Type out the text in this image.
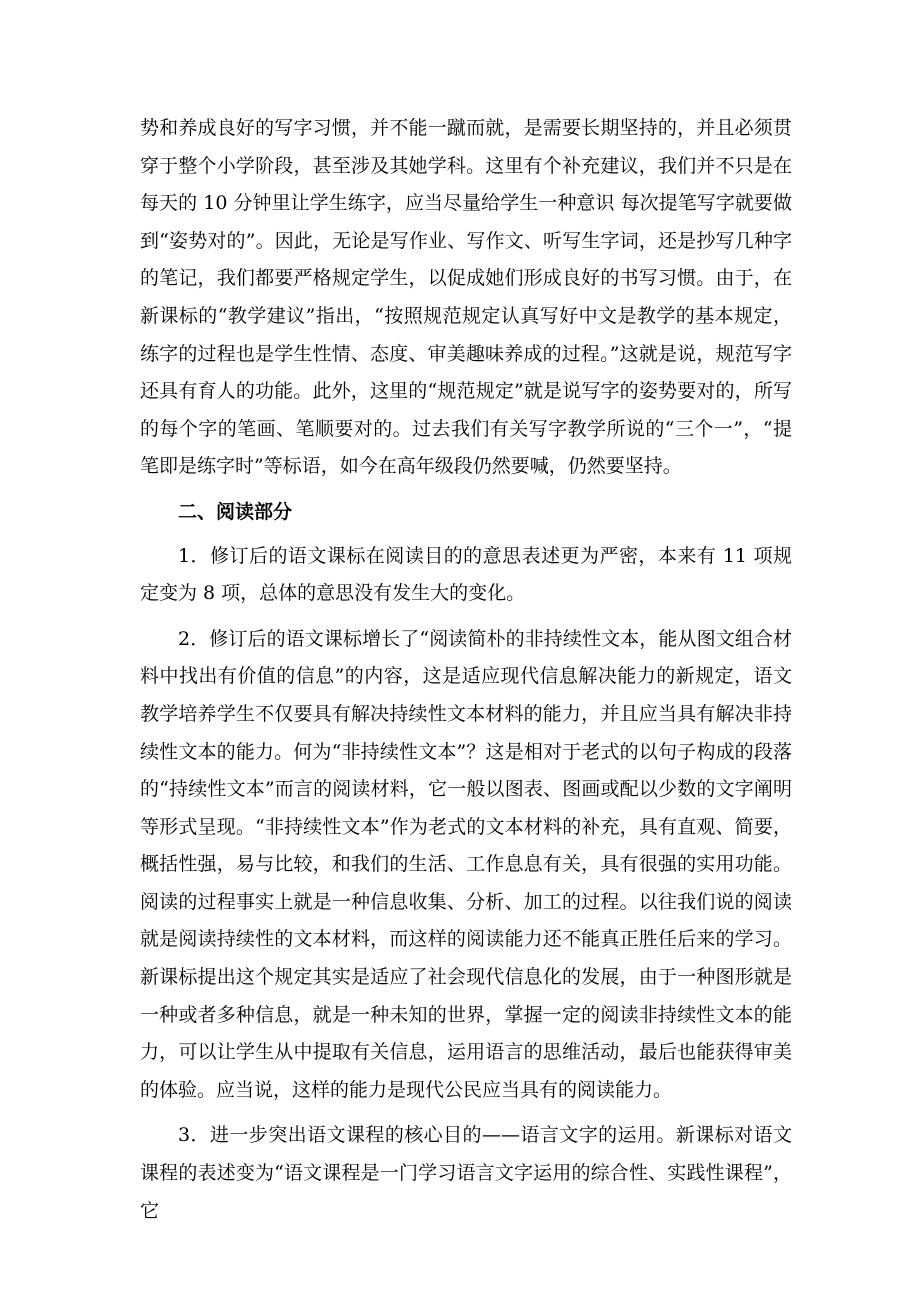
势和养成良好的写字习惯，并不能一蹴而就，是需要长期坚持的，并且必须贯穿于整个小学阶段，甚至涉及其她学科。这里有个补充建议，我们并不只是在每天的 10 分钟里让学生练字，应当尽量给学生一种意识 每次提笔写字就要做到“姿势对的”。因此，无论是写作业、写作文、听写生字词，还是抄写几种字的笔记，我们都要严格规定学生，以促成她们形成良好的书写习惯。由于，在新课标的“教学建议”指出，“按照规范规定认真写好中文是教学的基本规定，练字的过程也是学生性情、态度、审美趣味养成的过程。”这就是说，规范写字还具有育人的功能。此外，这里的“规范规定”就是说写字的姿势要对的，所写的每个字的笔画、笔顺要对的。过去我们有关写字教学所说的“三个一”，“提笔即是练字时”等标语，如今在高年级段仍然要喊，仍然要坚持。

二、阅读部分

1．修订后的语文课标在阅读目的的意思表述更为严密，本来有 11 项规定变为 8 项，总体的意思没有发生大的变化。

2．修订后的语文课标增长了“阅读简朴的非持续性文本，能从图文组合材料中找出有价值的信息”的内容，这是适应现代信息解决能力的新规定，语文教学培养学生不仅要具有解决持续性文本材料的能力，并且应当具有解决非持续性文本的能力。何为“非持续性文本”？这是相对于老式的以句子构成的段落的“持续性文本”而言的阅读材料，它一般以图表、图画或配以少数的文字阐明等形式呈现。“非持续性文本”作为老式的文本材料的补充，具有直观、简要，概括性强，易与比较，和我们的生活、工作息息有关，具有很强的实用功能。阅读的过程事实上就是一种信息收集、分析、加工的过程。以往我们说的阅读就是阅读持续性的文本材料，而这样的阅读能力还不能真正胜任后来的学习。新课标提出这个规定其实是适应了社会现代信息化的发展，由于一种图形就是一种或者多种信息，就是一种未知的世界，掌握一定的阅读非持续性文本的能力，可以让学生从中提取有关信息，运用语言的思维活动，最后也能获得审美的体验。应当说，这样的能力是现代公民应当具有的阅读能力。

3．进一步突出语文课程的核心目的——语言文字的运用。新课标对语文课程的表述变为“语文课程是一门学习语言文字运用的综合性、实践性课程”，它
